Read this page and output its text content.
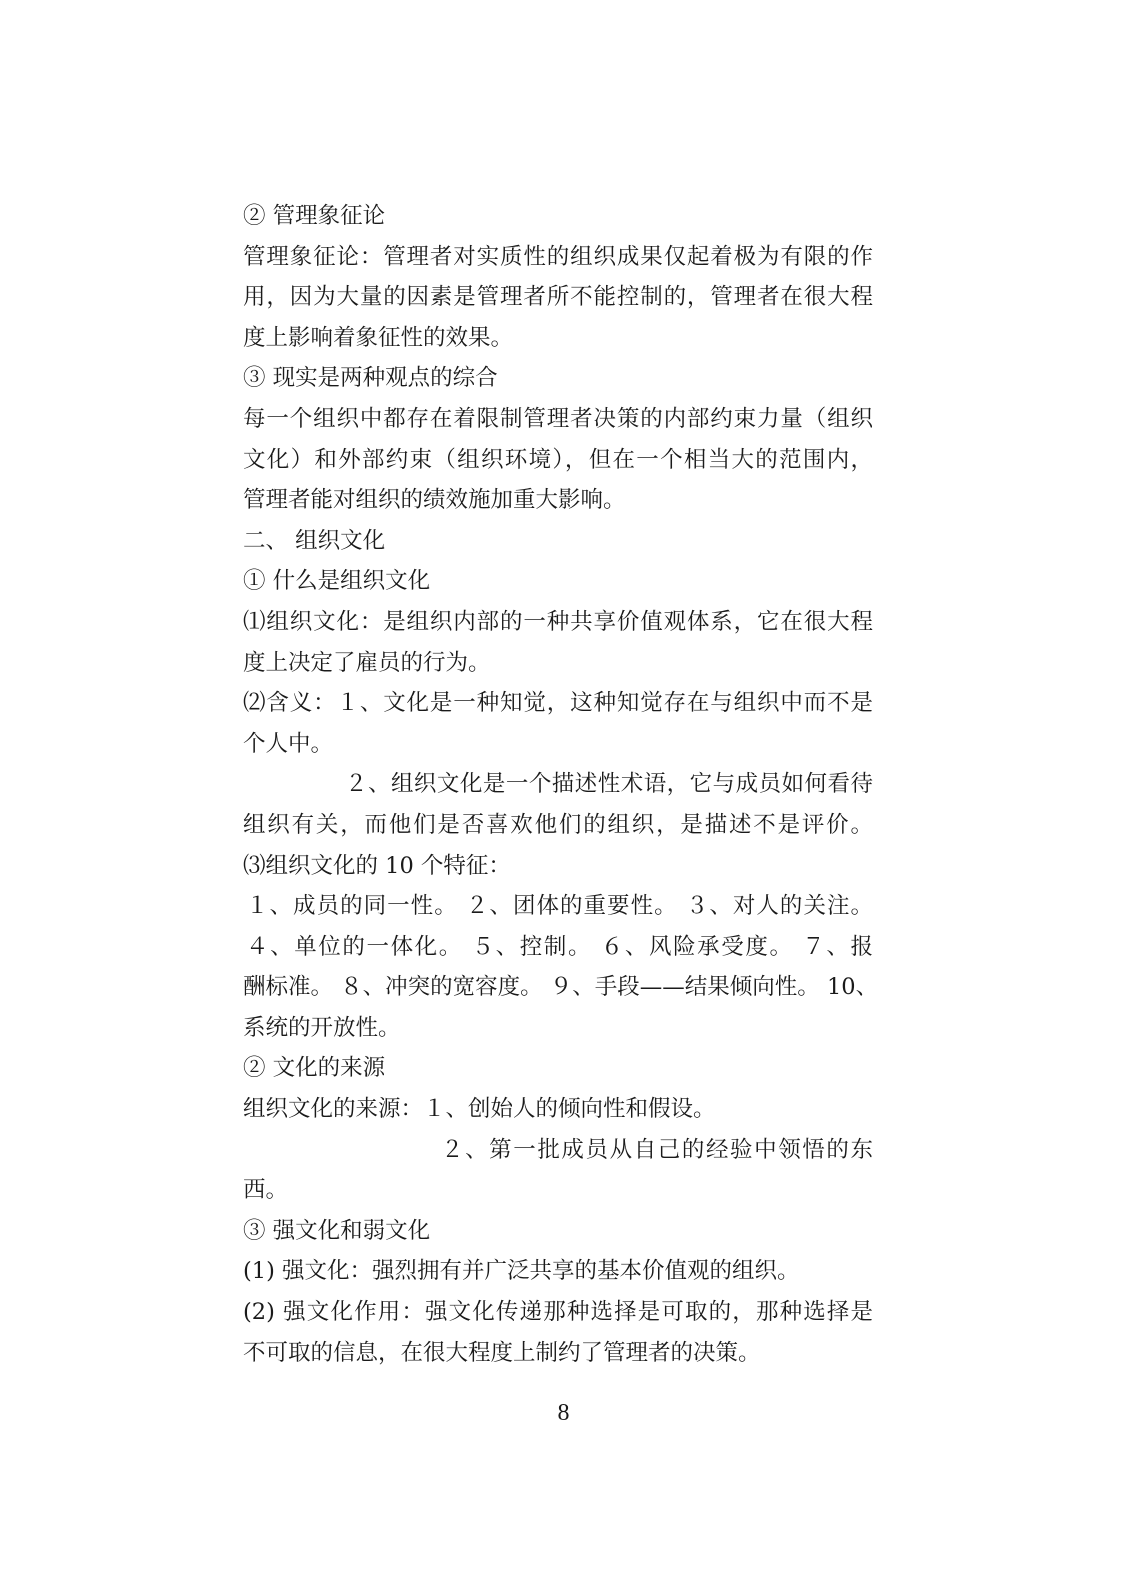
② 管理象征论
管理象征论：管理者对实质性的组织成果仅起着极为有限的作
用，因为大量的因素是管理者所不能控制的，管理者在很大程
度上影响着象征性的效果。
③ 现实是两种观点的综合
每一个组织中都存在着限制管理者决策的内部约束力量（组织
文化）和外部约束（组织环境），但在一个相当大的范围内，
管理者能对组织的绩效施加重大影响。
二、 组织文化
① 什么是组织文化
⑴组织文化：是组织内部的一种共享价值观体系，它在很大程
度上决定了雇员的行为。
⑵含义：１、文化是一种知觉，这种知觉存在与组织中而不是
个人中。
２、组织文化是一个描述性术语，它与成员如何看待
组织有关，而他们是否喜欢他们的组织，是描述不是评价。
⑶组织文化的 10 个特征：
１、成员的同一性。 ２、团体的重要性。 ３、对人的关注。
４、单位的一体化。 ５、控制。 ６、风险承受度。 ７、报
酬标准。 ８、冲突的宽容度。 ９、手段——结果倾向性。 10、
系统的开放性。
② 文化的来源
组织文化的来源：１、创始人的倾向性和假设。
２、第一批成员从自己的经验中领悟的东
西。
③ 强文化和弱文化
(1) 强文化：强烈拥有并广泛共享的基本价值观的组织。
(2) 强文化作用：强文化传递那种选择是可取的，那种选择是
不可取的信息，在很大程度上制约了管理者的决策。
8
